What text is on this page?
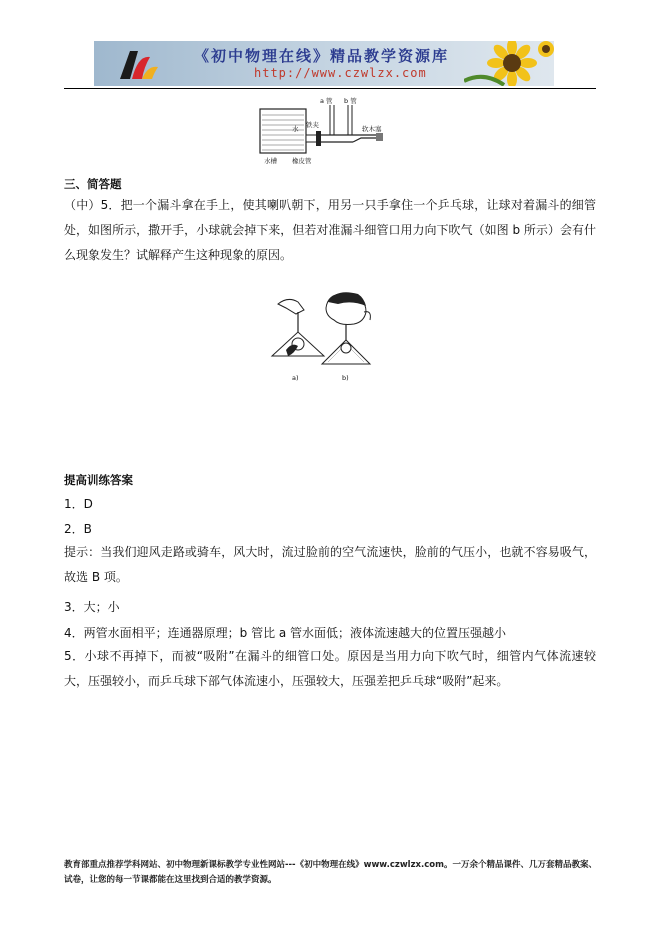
《初中物理在线》精品教学资源库
http://www.czwlzx.com
a 管 b 管
水 铁夹	软木塞
水槽 橡皮管
三、简答题
（中）5．把一个漏斗拿在手上，使其喇叭朝下，用另一只手拿住一个乒乓球，让球对着漏斗的细管处，如图所示，撒开手，小球就会掉下来，但若对准漏斗细管口用力向下吹气（如图 b 所示）会有什么现象发生？试解释产生这种现象的原因。
a)	b)
提高训练答案
1．D
2．B
提示：当我们迎风走路或骑车，风大时，流过脸前的空气流速快，脸前的气压小，也就不容易吸气，故选 B 项。
3．大；小
4．两管水面相平；连通器原理；b 管比 a 管水面低；液体流速越大的位置压强越小
5．小球不再掉下，而被“吸附”在漏斗的细管口处。原因是当用力向下吹气时，细管内气体流速较大，压强较小，而乒乓球下部气体流速小，压强较大，压强差把乒乓球“吸附”起来。
教育部重点推荐学科网站、初中物理新课标教学专业性网站---《初中物理在线》www.czwlzx.com。一万余个精品课件、几万套精品教案、试卷，让您的每一节课都能在这里找到合适的教学资源。
